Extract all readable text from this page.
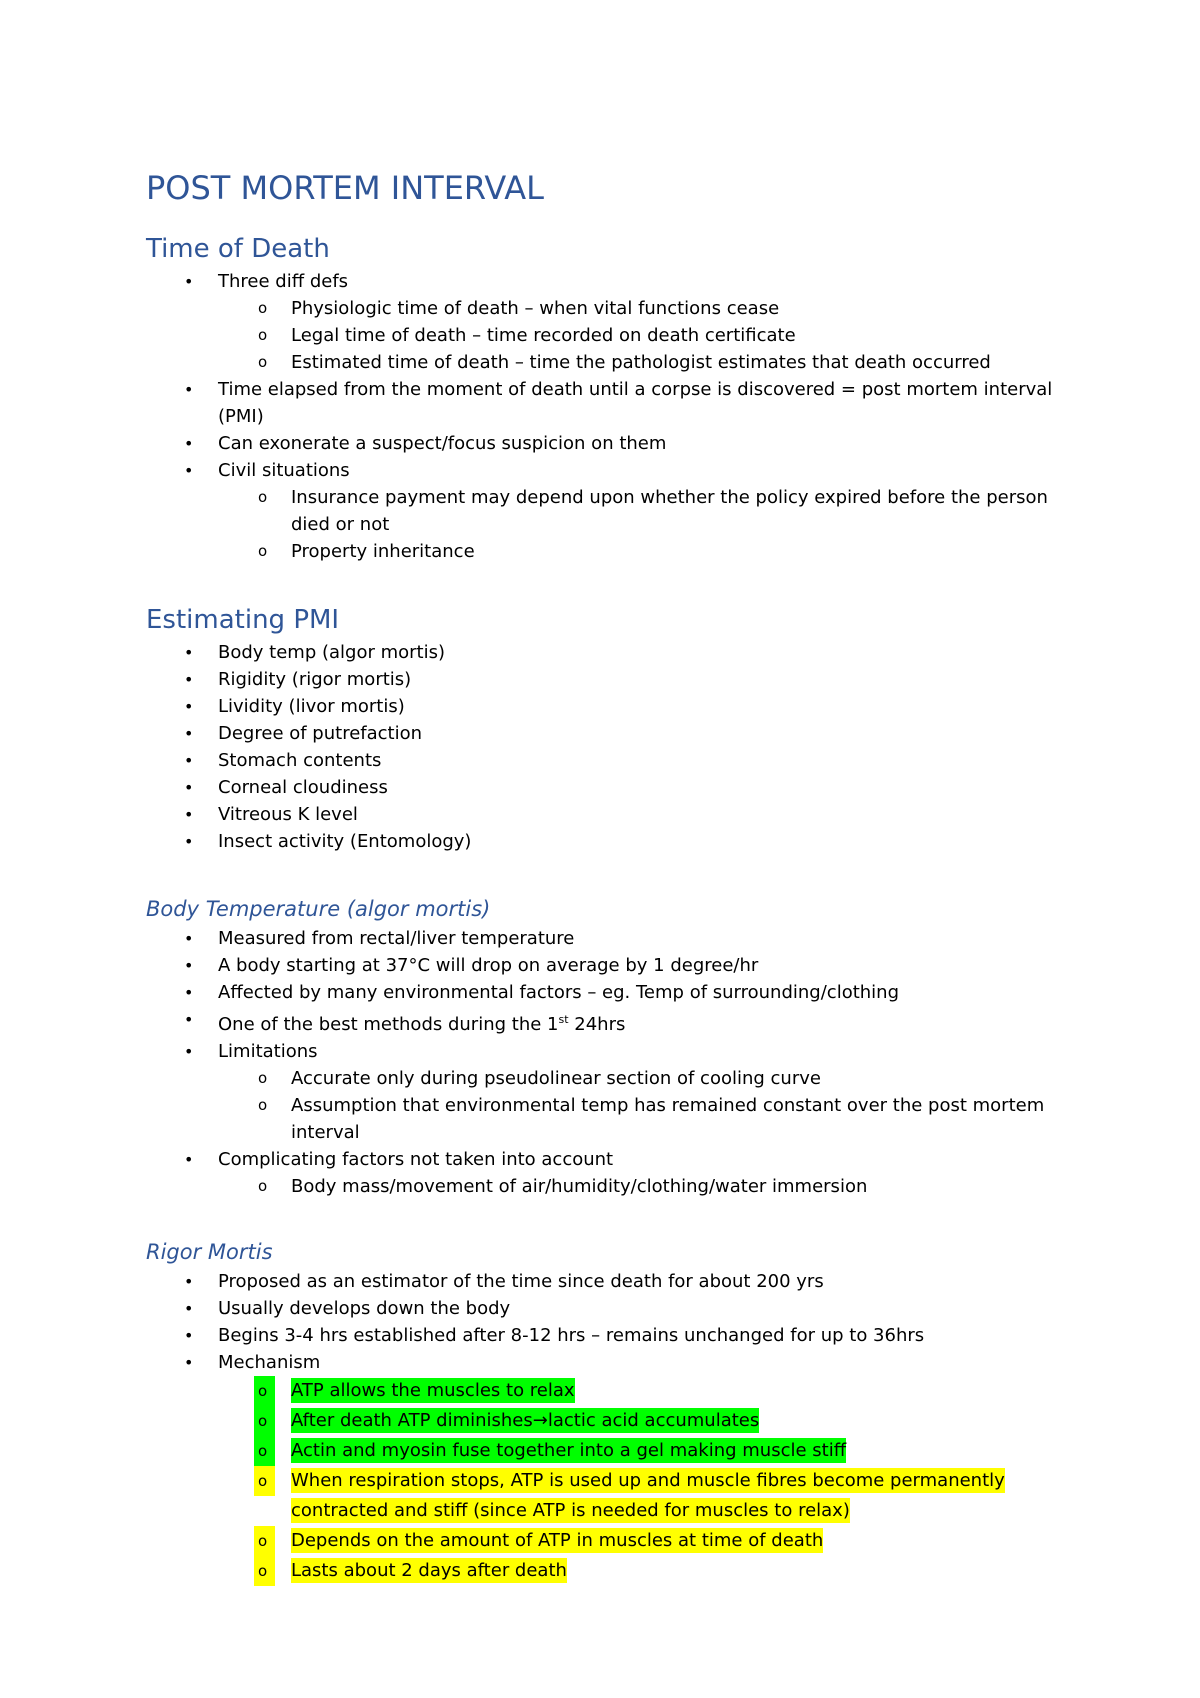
POST MORTEM INTERVAL
Time of Death
• Three diff defs
o Physiologic time of death – when vital functions cease
o Legal time of death – time recorded on death certificate
o Estimated time of death – time the pathologist estimates that death occurred
• Time elapsed from the moment of death until a corpse is discovered = post mortem interval
(PMI)
• Can exonerate a suspect/focus suspicion on them
• Civil situations
o Insurance payment may depend upon whether the policy expired before the person
died or not
o Property inheritance
Estimating PMI
• Body temp (algor mortis)
• Rigidity (rigor mortis)
• Lividity (livor mortis)
• Degree of putrefaction
• Stomach contents
• Corneal cloudiness
• Vitreous K level
• Insect activity (Entomology)
Body Temperature (algor mortis)
• Measured from rectal/liver temperature
• A body starting at 37°C will drop on average by 1 degree/hr
• Affected by many environmental factors – eg. Temp of surrounding/clothing
• One of the best methods during the 1st 24hrs
• Limitations
o Accurate only during pseudolinear section of cooling curve
o Assumption that environmental temp has remained constant over the post mortem
interval
• Complicating factors not taken into account
o Body mass/movement of air/humidity/clothing/water immersion
Rigor Mortis
• Proposed as an estimator of the time since death for about 200 yrs
• Usually develops down the body
• Begins 3-4 hrs established after 8-12 hrs – remains unchanged for up to 36hrs
• Mechanism
o	ATP allows the muscles to relax
o	After death ATP diminishes→lactic acid accumulates
o	Actin and myosin fuse together into a gel making muscle stiff
o	When respiration stops, ATP is used up and muscle fibres become permanently
contracted and stiff (since ATP is needed for muscles to relax)
o	Depends on the amount of ATP in muscles at time of death
o	Lasts about 2 days after death
